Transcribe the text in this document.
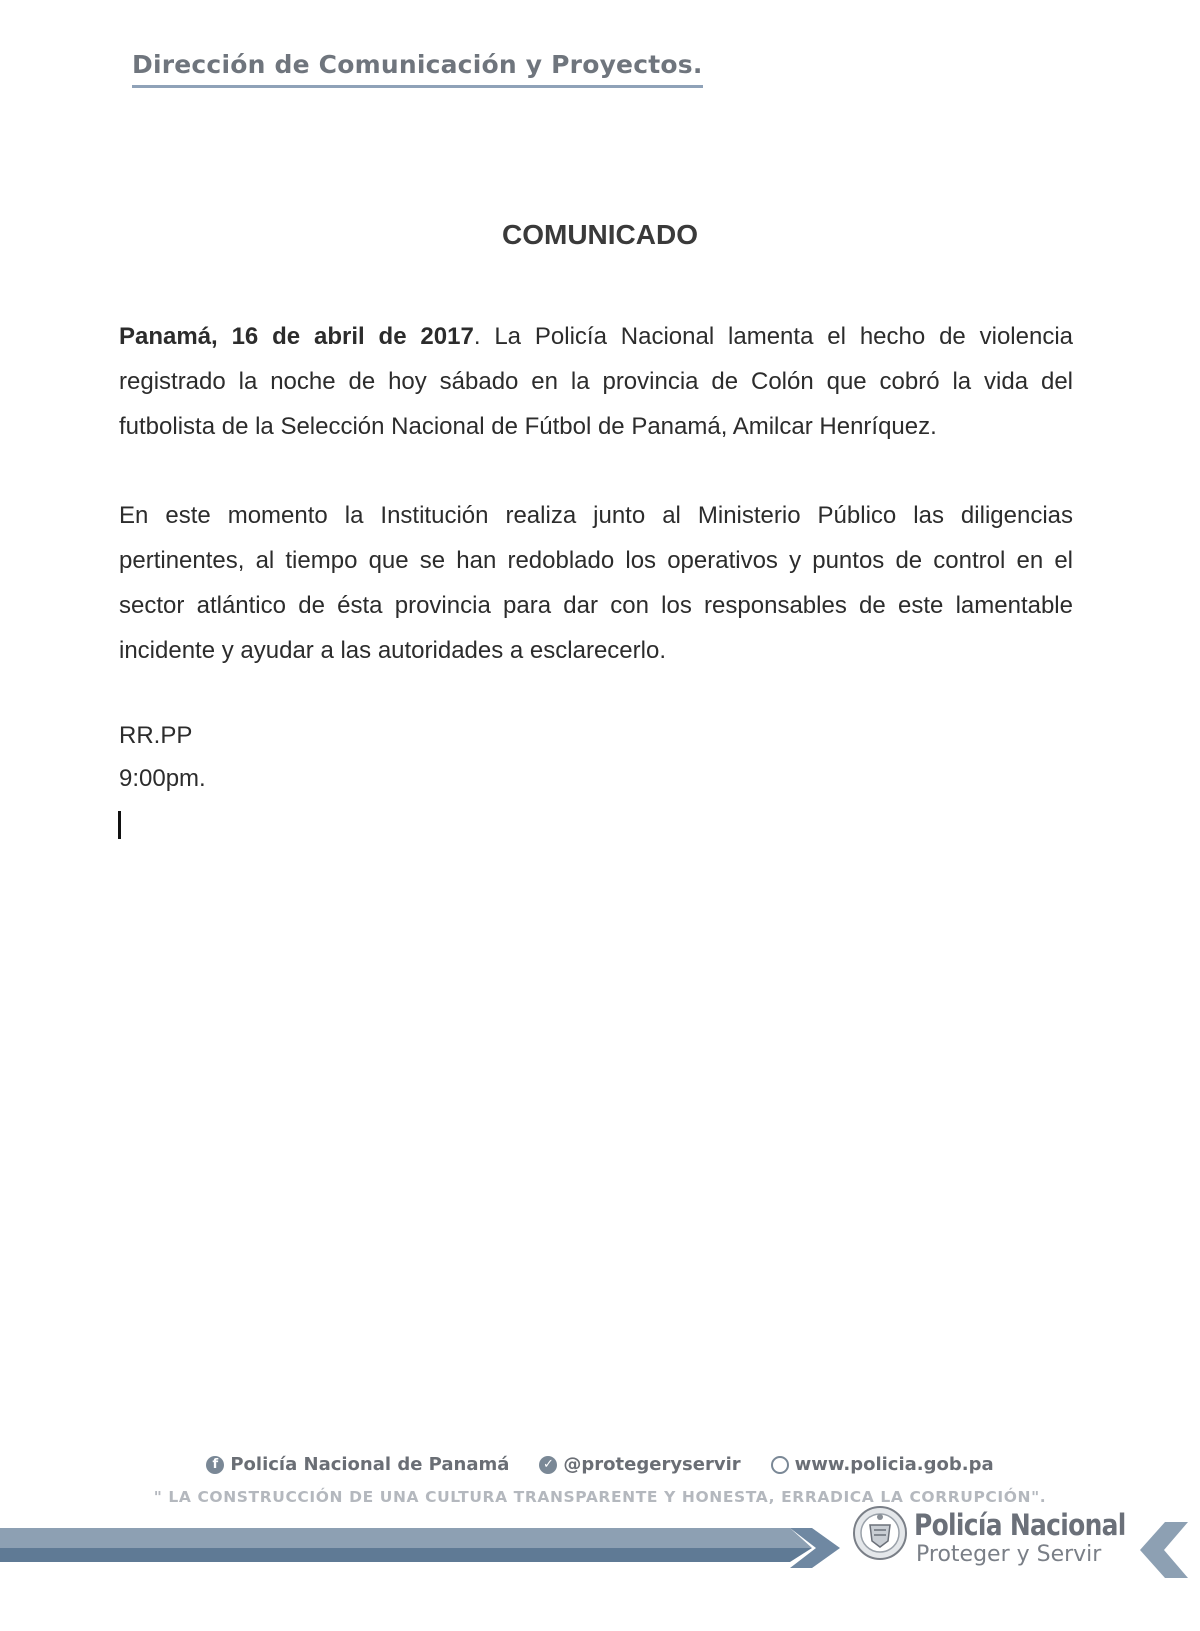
Dirección de Comunicación y Proyectos.
COMUNICADO
Panamá, 16 de abril de 2017. La Policía Nacional lamenta el hecho de violencia registrado la noche de hoy sábado en la provincia de Colón que cobró la vida del futbolista de la Selección Nacional de Fútbol de Panamá, Amilcar Henríquez.
En este momento la Institución realiza junto al Ministerio Público las diligencias pertinentes, al tiempo que se han redoblado los operativos y puntos de control en el sector atlántico de ésta provincia para dar con los responsables de este lamentable incidente y ayudar a las autoridades a esclarecerlo.
RR.PP
9:00pm.
f Policía Nacional de Panamá	✓ @protegeryservir	www.policia.gob.pa
" LA CONSTRUCCIÓN DE UNA CULTURA TRANSPARENTE Y HONESTA, ERRADICA LA CORRUPCIÓN".
Policía Nacional
Proteger y Servir
